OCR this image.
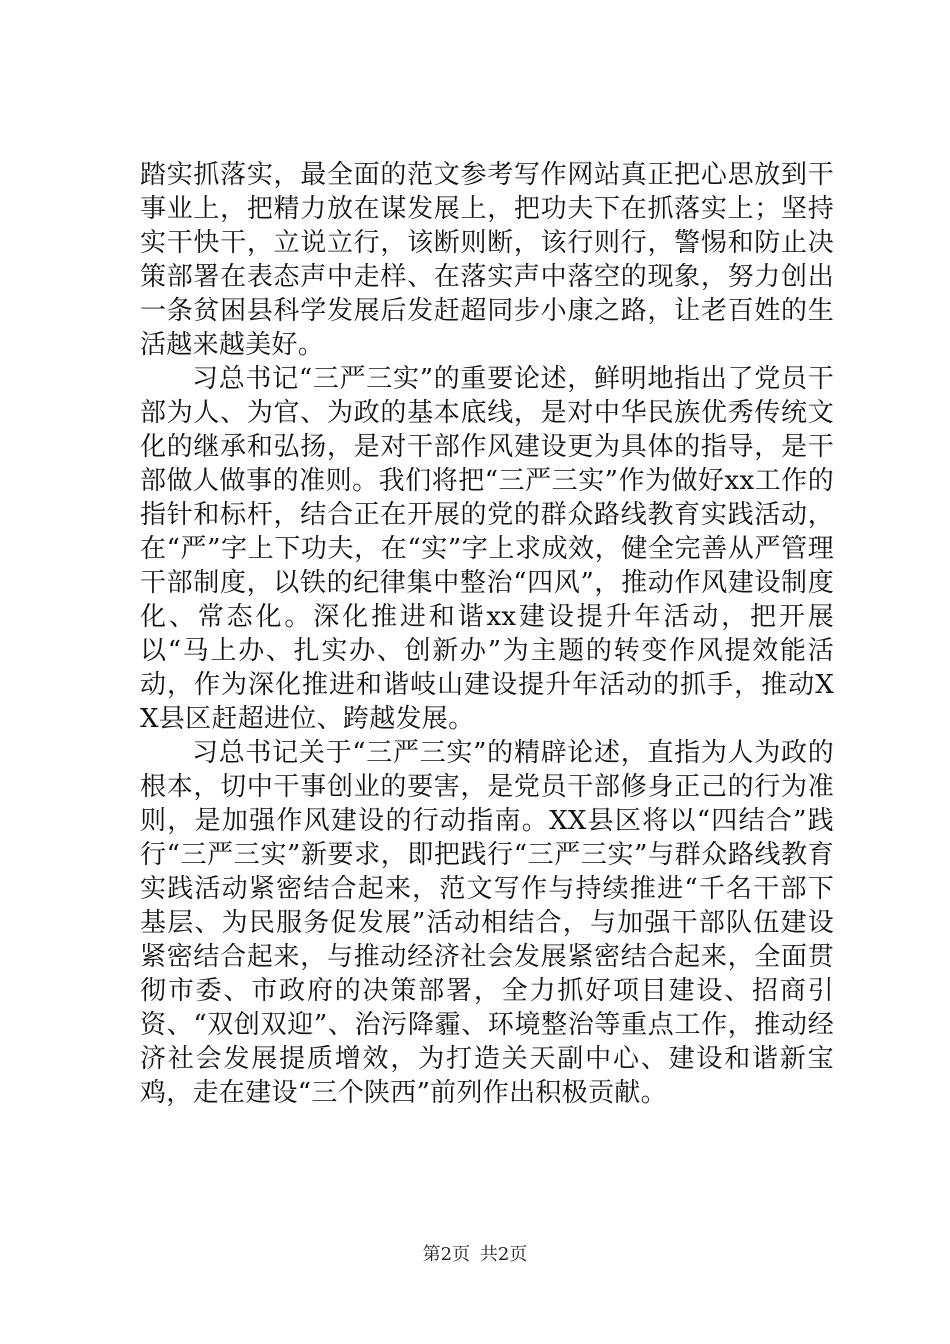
踏实抓落实，最全面的范文参考写作网站真正把心思放到干事业上，把精力放在谋发展上，把功夫下在抓落实上；坚持实干快干，立说立行，该断则断，该行则行，警惕和防止决策部署在表态声中走样、在落实声中落空的现象，努力创出一条贫困县科学发展后发赶超同步小康之路，让老百姓的生活越来越美好。

习总书记“三严三实”的重要论述，鲜明地指出了党员干部为人、为官、为政的基本底线，是对中华民族优秀传统文化的继承和弘扬，是对干部作风建设更为具体的指导，是干部做人做事的准则。我们将把“三严三实”作为做好xx工作的指针和标杆，结合正在开展的党的群众路线教育实践活动，在“严”字上下功夫，在“实”字上求成效，健全完善从严管理干部制度，以铁的纪律集中整治“四风”，推动作风建设制度化、常态化。深化推进和谐xx建设提升年活动，把开展以“马上办、扎实办、创新办”为主题的转变作风提效能活动，作为深化推进和谐岐山建设提升年活动的抓手，推动XX县区赶超进位、跨越发展。

习总书记关于“三严三实”的精辟论述，直指为人为政的根本，切中干事创业的要害，是党员干部修身正己的行为准则，是加强作风建设的行动指南。XX县区将以“四结合”践行“三严三实”新要求，即把践行“三严三实”与群众路线教育实践活动紧密结合起来，范文写作与持续推进“千名干部下基层、为民服务促发展”活动相结合，与加强干部队伍建设紧密结合起来，与推动经济社会发展紧密结合起来，全面贯彻市委、市政府的决策部署，全力抓好项目建设、招商引资、“双创双迎”、治污降霾、环境整治等重点工作，推动经济社会发展提质增效，为打造关天副中心、建设和谐新宝鸡，走在建设“三个陕西”前列作出积极贡献。

第2页 共2页
